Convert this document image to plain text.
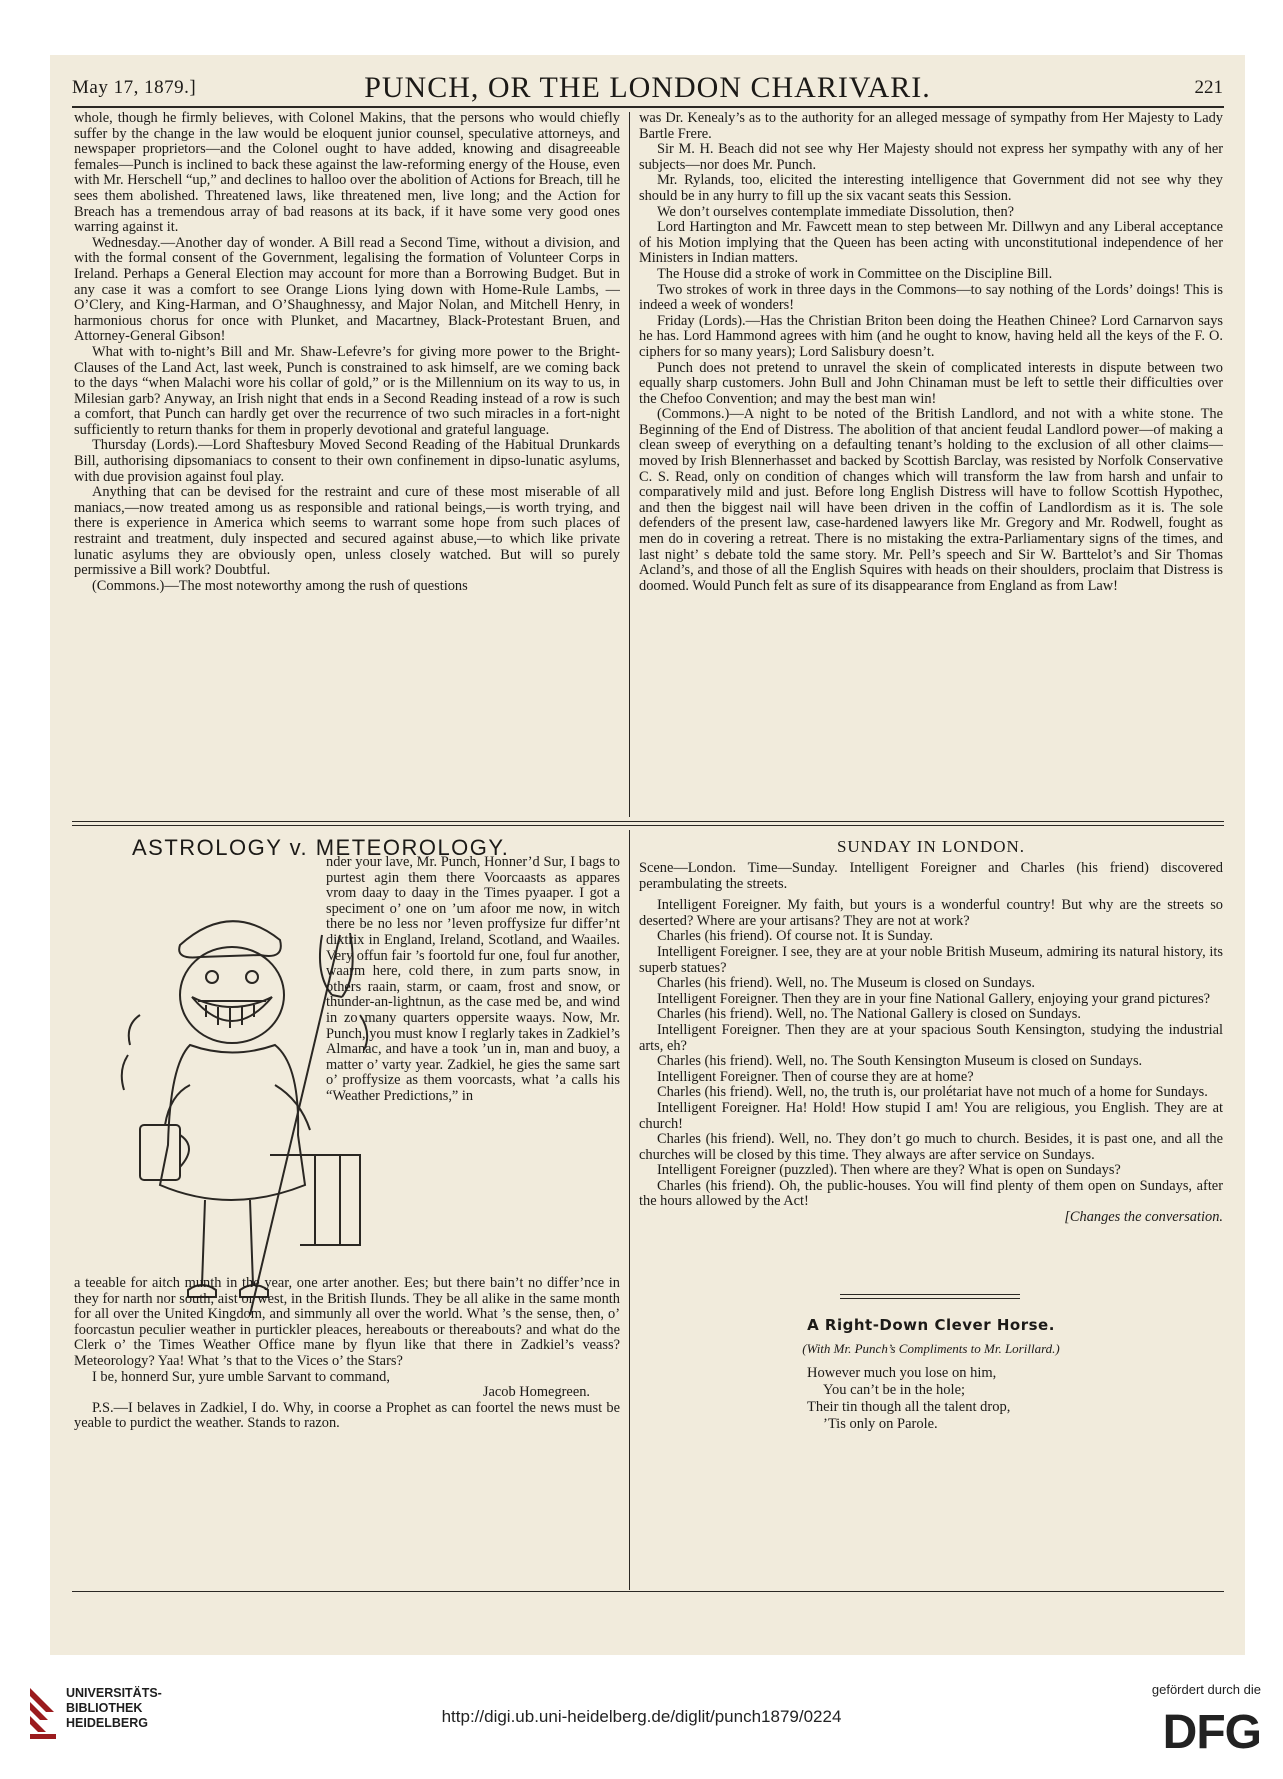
May 17, 1879.]	PUNCH, OR THE LONDON CHARIVARI.	221

whole, though he firmly believes, with Colonel Makins, that the persons who would chiefly suffer by the change in the law would be eloquent junior counsel, speculative attorneys, and newspaper proprietors—and the Colonel ought to have added, knowing and disagreeable females—Punch is inclined to back these against the law-reforming energy of the House, even with Mr. Herschell “up,” and declines to halloo over the abolition of Actions for Breach, till he sees them abolished. Threatened laws, like threatened men, live long; and the Action for Breach has a tremendous array of bad reasons at its back, if it have some very good ones warring against it.

Wednesday.—Another day of wonder. A Bill read a Second Time, without a division, and with the formal consent of the Government, legalising the formation of Volunteer Corps in Ireland. Perhaps a General Election may account for more than a Borrowing Budget. But in any case it was a comfort to see Orange Lions lying down with Home-Rule Lambs, — O’Clery, and King-Harman, and O’Shaughnessy, and Major Nolan, and Mitchell Henry, in harmonious chorus for once with Plunket, and Macartney, Black-Protestant Bruen, and Attorney-General Gibson!

What with to-night’s Bill and Mr. Shaw-Lefevre’s for giving more power to the Bright-Clauses of the Land Act, last week, Punch is constrained to ask himself, are we coming back to the days “when Malachi wore his collar of gold,” or is the Millennium on its way to us, in Milesian garb? Anyway, an Irish night that ends in a Second Reading instead of a row is such a comfort, that Punch can hardly get over the recurrence of two such miracles in a fort-night sufficiently to return thanks for them in properly devotional and grateful language.

Thursday (Lords).—Lord Shaftesbury Moved Second Reading of the Habitual Drunkards Bill, authorising dipsomaniacs to consent to their own confinement in dipso-lunatic asylums, with due provision against foul play.

Anything that can be devised for the restraint and cure of these most miserable of all maniacs,—now treated among us as responsible and rational beings,—is worth trying, and there is experience in America which seems to warrant some hope from such places of restraint and treatment, duly inspected and secured against abuse,—to which like private lunatic asylums they are obviously open, unless closely watched. But will so purely permissive a Bill work? Doubtful.

(Commons.)—The most noteworthy among the rush of questions

was Dr. Kenealy’s as to the authority for an alleged message of sympathy from Her Majesty to Lady Bartle Frere.

Sir M. H. Beach did not see why Her Majesty should not express her sympathy with any of her subjects—nor does Mr. Punch.

Mr. Rylands, too, elicited the interesting intelligence that Government did not see why they should be in any hurry to fill up the six vacant seats this Session.

We don’t ourselves contemplate immediate Dissolution, then?

Lord Hartington and Mr. Fawcett mean to step between Mr. Dillwyn and any Liberal acceptance of his Motion implying that the Queen has been acting with unconstitutional independence of her Ministers in Indian matters.

The House did a stroke of work in Committee on the Discipline Bill.

Two strokes of work in three days in the Commons—to say nothing of the Lords’ doings! This is indeed a week of wonders!

Friday (Lords).—Has the Christian Briton been doing the Heathen Chinee? Lord Carnarvon says he has. Lord Hammond agrees with him (and he ought to know, having held all the keys of the F. O. ciphers for so many years); Lord Salisbury doesn’t.

Punch does not pretend to unravel the skein of complicated interests in dispute between two equally sharp customers. John Bull and John Chinaman must be left to settle their difficulties over the Chefoo Convention; and may the best man win!

(Commons.)—A night to be noted of the British Landlord, and not with a white stone. The Beginning of the End of Distress. The abolition of that ancient feudal Landlord power—of making a clean sweep of everything on a defaulting tenant’s holding to the exclusion of all other claims—moved by Irish Blennerhasset and backed by Scottish Barclay, was resisted by Norfolk Conservative C. S. Read, only on condition of changes which will transform the law from harsh and unfair to comparatively mild and just. Before long English Distress will have to follow Scottish Hypothec, and then the biggest nail will have been driven in the coffin of Landlordism as it is. The sole defenders of the present law, case-hardened lawyers like Mr. Gregory and Mr. Rodwell, fought as men do in covering a retreat. There is no mistaking the extra-Parliamentary signs of the times, and last night’ s debate told the same story. Mr. Pell’s speech and Sir W. Barttelot’s and Sir Thomas Acland’s, and those of all the English Squires with heads on their shoulders, proclaim that Distress is doomed. Would Punch felt as sure of its disappearance from England as from Law!

ASTROLOGY v. METEOROLOGY.

nder your lave, Mr. Punch, Honner’d Sur, I bags to purtest agin them there Voorcaasts as appares vrom daay to daay in the Times pyaaper. I got a speciment o’ one on ’um afoor me now, in witch there be no less nor ’leven proffysize fur differ’nt dixtrix in England, Ireland, Scotland, and Waailes. Very offun fair ’s foortold fur one, foul fur another, waarm here, cold there, in zum parts snow, in others raain, starm, or caam, frost and snow, or thunder-an-lightnun, as the case med be, and wind in zo many quarters oppersite waays. Now, Mr. Punch, you must know I reglarly takes in Zadkiel’s Almanac, and have a took ’un in, man and buoy, a matter o’ varty year. Zadkiel, he gies the same sart o’ proffysize as them voorcasts, what ’a calls his “Weather Predictions,” in

a teeable for aitch munth in the year, one arter another. Ees; but there bain’t no differ’nce in they for narth nor south, aist or west, in the British Ilunds. They be all alike in the same month for all over the United Kingdom, and simmunly all over the world. What ’s the sense, then, o’ foorcastun peculier weather in purtickler pleaces, hereabouts or thereabouts? and what do the Clerk o’ the Times Weather Office mane by flyun like that there in Zadkiel’s veass? Meteorology? Yaa! What ’s that to the Vices o’ the Stars?

I be, honnerd Sur, yure umble Sarvant to command,

Jacob Homegreen.

P.S.—I belaves in Zadkiel, I do. Why, in coorse a Prophet as can foortel the news must be yeable to purdict the weather. Stands to razon.

SUNDAY IN LONDON.

Scene—London. Time—Sunday. Intelligent Foreigner and Charles (his friend) discovered perambulating the streets.

Intelligent Foreigner. My faith, but yours is a wonderful country! But why are the streets so deserted? Where are your artisans? They are not at work?

Charles (his friend). Of course not. It is Sunday.

Intelligent Foreigner. I see, they are at your noble British Museum, admiring its natural history, its superb statues?

Charles (his friend). Well, no. The Museum is closed on Sundays.

Intelligent Foreigner. Then they are in your fine National Gallery, enjoying your grand pictures?

Charles (his friend). Well, no. The National Gallery is closed on Sundays.

Intelligent Foreigner. Then they are at your spacious South Kensington, studying the industrial arts, eh?

Charles (his friend). Well, no. The South Kensington Museum is closed on Sundays.

Intelligent Foreigner. Then of course they are at home?

Charles (his friend). Well, no, the truth is, our prolétariat have not much of a home for Sundays.

Intelligent Foreigner. Ha! Hold! How stupid I am! You are religious, you English. They are at church!

Charles (his friend). Well, no. They don’t go much to church. Besides, it is past one, and all the churches will be closed by this time. They always are after service on Sundays.

Intelligent Foreigner (puzzled). Then where are they? What is open on Sundays?

Charles (his friend). Oh, the public-houses. You will find plenty of them open on Sundays, after the hours allowed by the Act!

[Changes the conversation.

A Right-Down Clever Horse.
(With Mr. Punch’s Compliments to Mr. Lorillard.)
However much you lose on him,
You can’t be in the hole;
Their tin though all the talent drop,
’Tis only on Parole.
UNIVERSITÄTS-
BIBLIOTHEK
HEIDELBERG	http://digi.ub.uni-heidelberg.de/diglit/punch1879/0224
gefördert durch die
DFG
